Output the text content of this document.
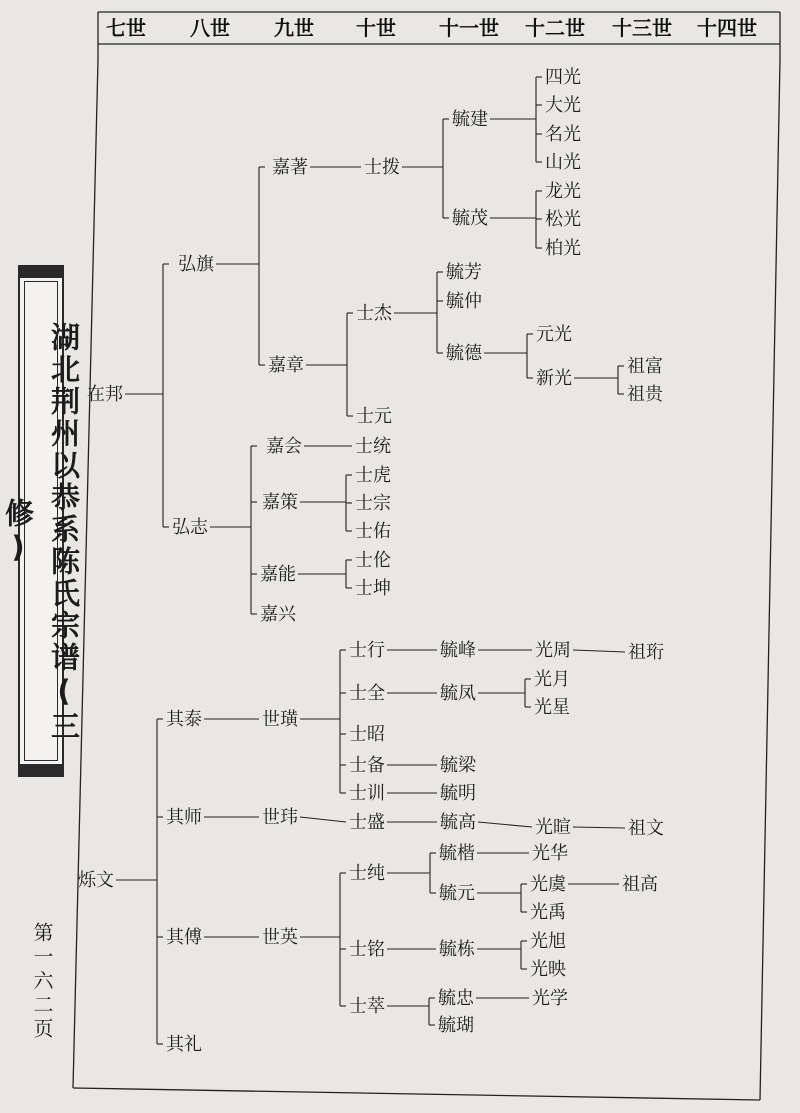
七世 八世 九世 十世 十一世 十二世 十三世 十四世
在邦
弘旗
嘉著	士拨
毓建
四光
大光
名光
山光
毓茂
龙光
松光
柏光
嘉章
士杰
毓芳
毓仲
毓德
元光
新光
祖富
祖贵
士元
弘志
嘉会	士统
嘉策
士虎
士宗
士佑
嘉能
士伦
士坤
嘉兴
烁文
其泰	世璜
士行	毓峰	光周	祖珩
士全	毓凤
光月
光星
士昭
士备	毓梁
士训	毓明
其师	世玮	士盛	毓高	光暄	祖文
士纯
毓楷	光华
毓元	光虞	祖高
光禹
其傅	世英
士铭	毓栋	光旭
光映
士萃	毓忠	光学
毓瑚
其礼
湖北荆州以恭系陈氏宗谱(三修)
第一六二页
